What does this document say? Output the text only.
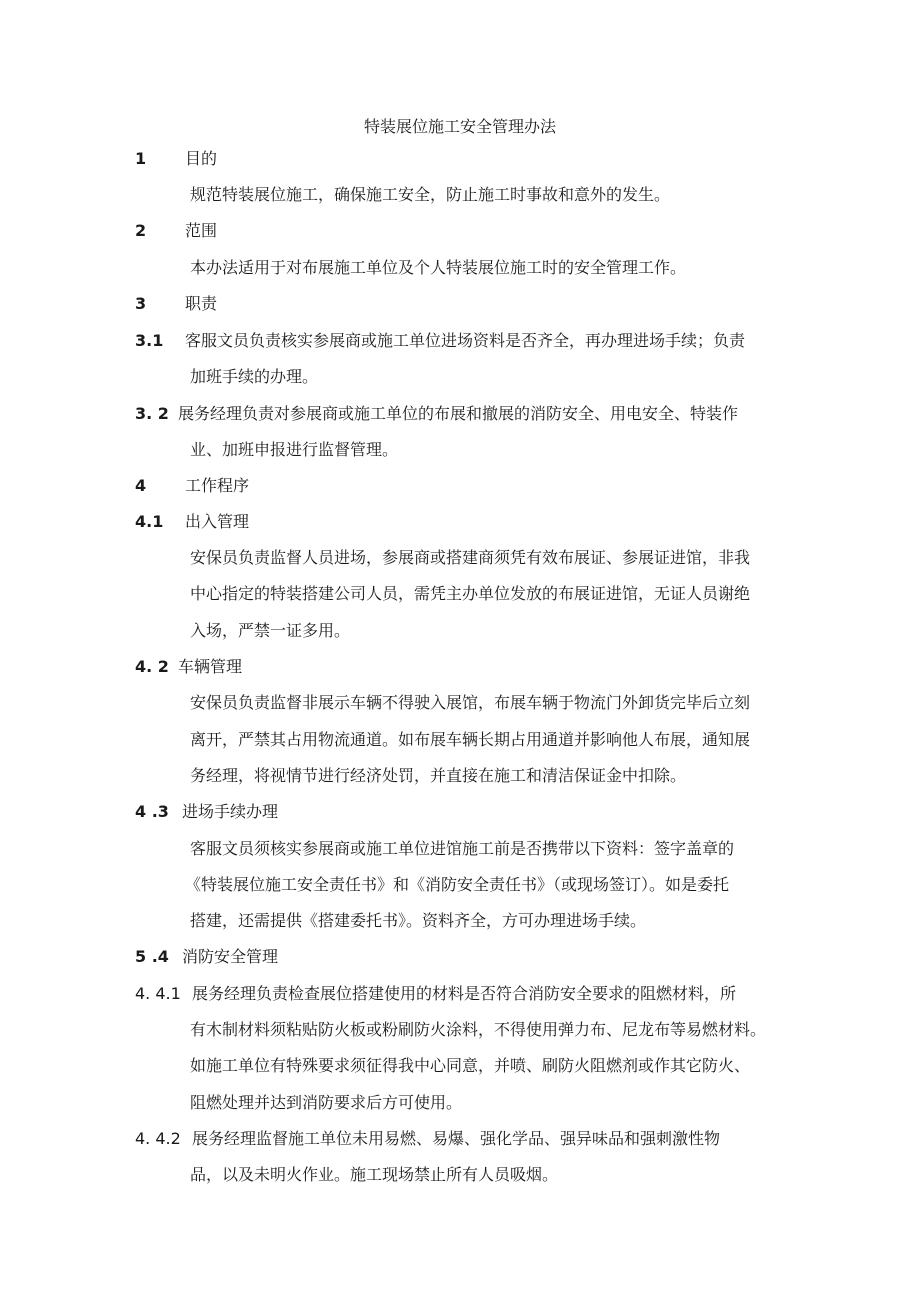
特装展位施工安全管理办法
1 目的
规范特装展位施工，确保施工安全，防止施工时事故和意外的发生。
2 范围
本办法适用于对布展施工单位及个人特装展位施工时的安全管理工作。
3 职责
3.1 客服文员负责核实参展商或施工单位进场资料是否齐全，再办理进场手续；负责
加班手续的办理。
3. 2 展务经理负责对参展商或施工单位的布展和撤展的消防安全、用电安全、特装作
业、加班申报进行监督管理。
4 工作程序
4.1 出入管理
安保员负责监督人员进场，参展商或搭建商须凭有效布展证、参展证进馆，非我
中心指定的特装搭建公司人员，需凭主办单位发放的布展证进馆，无证人员谢绝
入场，严禁一证多用。
4. 2 车辆管理
安保员负责监督非展示车辆不得驶入展馆，布展车辆于物流门外卸货完毕后立刻
离开，严禁其占用物流通道。如布展车辆长期占用通道并影响他人布展，通知展
务经理，将视情节进行经济处罚，并直接在施工和清洁保证金中扣除。
4 .3 进场手续办理
客服文员须核实参展商或施工单位进馆施工前是否携带以下资料：签字盖章的
《特装展位施工安全责任书》和《消防安全责任书》（或现场签订）。如是委托
搭建，还需提供《搭建委托书》。资料齐全，方可办理进场手续。
5 .4 消防安全管理
4. 4.1 展务经理负责检查展位搭建使用的材料是否符合消防安全要求的阻燃材料，所
有木制材料须粘贴防火板或粉刷防火涂料，不得使用弹力布、尼龙布等易燃材料。
如施工单位有特殊要求须征得我中心同意，并喷、刷防火阻燃剂或作其它防火、
阻燃处理并达到消防要求后方可使用。
4. 4.2 展务经理监督施工单位未用易燃、易爆、强化学品、强异味品和强刺激性物
品，以及未明火作业。施工现场禁止所有人员吸烟。
